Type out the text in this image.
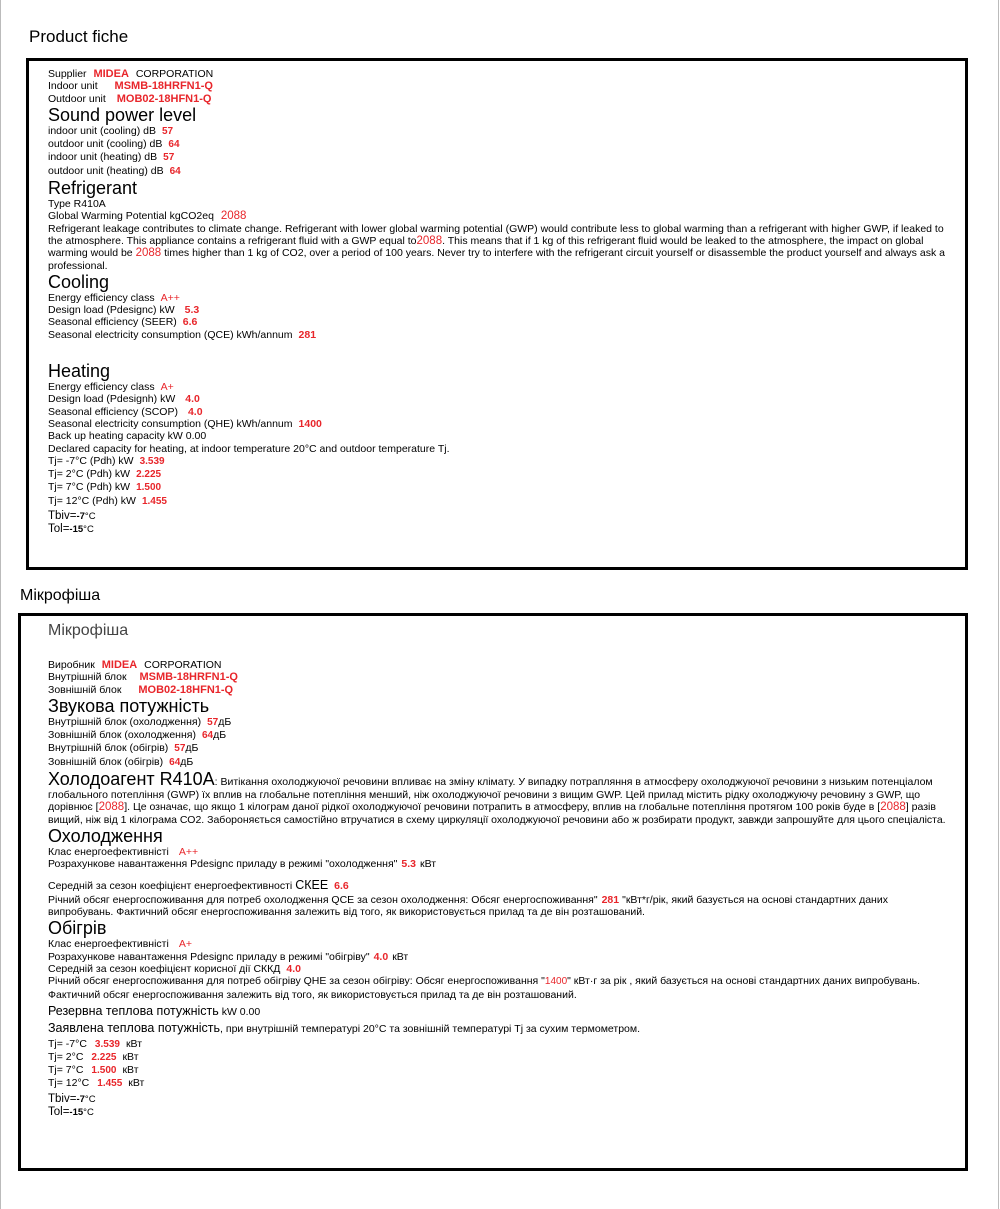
Product fiche
Supplier MIDEA CORPORATION
Indoor unit MSMB-18HRFN1-Q
Outdoor unit MOB02-18HFN1-Q
Sound power level
indoor unit (cooling) dB 57
outdoor unit (cooling) dB 64
indoor unit (heating) dB 57
outdoor unit (heating) dB 64
Refrigerant
Type R410A
Global Warming Potential kgCO2eq 2088
Refrigerant leakage contributes to climate change. Refrigerant with lower global warming potential (GWP) would contribute less to global warming than a refrigerant with higher GWP, if leaked to the atmosphere. This appliance contains a refrigerant fluid with a GWP equal to2088. This means that if 1 kg of this refrigerant fluid would be leaked to the atmosphere, the impact on global warming would be 2088 times higher than 1 kg of CO2, over a period of 100 years. Never try to interfere with the refrigerant circuit yourself or disassemble the product yourself and always ask a professional.
Cooling
Energy efficiency class A++
Design load (Pdesignc) kW 5.3
Seasonal efficiency (SEER) 6.6
Seasonal electricity consumption (QCE) kWh/annum 281
Heating
Energy efficiency class A+
Design load (Pdesignh) kW 4.0
Seasonal efficiency (SCOP) 4.0
Seasonal electricity consumption (QHE) kWh/annum 1400
Back up heating capacity kW 0.00
Declared capacity for heating, at indoor temperature 20°C and outdoor temperature Tj.
Tj= -7°C (Pdh) kW 3.539
Tj= 2°C (Pdh) kW 2.225
Tj= 7°C (Pdh) kW 1.500
Tj= 12°C (Pdh) kW 1.455
Tbiv=-7°C
Tol=-15°C
Мікрофіша
Мікрофіша
Виробник MIDEA CORPORATION
Внутрішній блок MSMB-18HRFN1-Q
Зовнішній блок MOB02-18HFN1-Q
Звукова потужність
Внутрішній блок (охолодження) 57дБ
Зовнішній блок (охолодження) 64дБ
Внутрішній блок (обігрів) 57дБ
Зовнішній блок (обігрів) 64дБ
Холодоагент R410A: Витікання охолоджуючої речовини впливає на зміну клімату. У випадку потрапляння в атмосферу охолоджуючої речовини з низьким потенціалом глобального потепління (GWP) їх вплив на глобальне потепління менший, ніж охолоджуючої речовини з вищим GWP. Цей прилад містить рідку охолоджуючу речовину з GWP, що дорівнює [2088]. Це означає, що якщо 1 кілограм даної рідкої охолоджуючої речовини потрапить в атмосферу, вплив на глобальне потепління протягом 100 років буде в [2088] разів вищий, ніж від 1 кілограма СО2. Забороняється самостійно втручатися в схему циркуляції охолоджуючої речовини або ж розбирати продукт, завжди запрошуйте для цього спеціаліста.
Охолодження
Клас енергоефективністі A++
Розрахункове навантаження Pdesignc приладу в режимі "охолодження" 5.3 кВт
Середній за сезон коефіцієнт енергоефективності СКЕЕ 6.6
Річний обсяг енергоспоживання для потреб охолодження QCE за сезон охолодження: Обсяг енергоспоживання" 281 "кВт*г/рік, який базується на основі стандартних даних випробувань. Фактичний обсяг енергоспоживання залежить від того, як використовується прилад та де він розташований.
Обігрів
Клас енергоефективністі A+
Розрахункове навантаження Pdesignc приладу в режимі "обігріву" 4.0 кВт
Середній за сезон коефіцієнт корисної дії СККД 4.0
Річний обсяг енергоспоживання для потреб обігріву QHE за сезон обігріву: Обсяг енергоспоживання "1400" кВт·г за рік , який базується на основі стандартних даних випробувань. Фактичний обсяг енергоспоживання залежить від того, як використовується прилад та де він розташований.
Резервна теплова потужність kW 0.00
Заявлена теплова потужність, при внутрішній температурі 20°С та зовнішній температурі Tj за сухим термометром.
Tj= -7°C 3.539 кВт
Tj= 2°C 2.225 кВт
Tj= 7°C 1.500 кВт
Tj= 12°C 1.455 кВт
Tbiv=-7°C
Tol=-15°C
